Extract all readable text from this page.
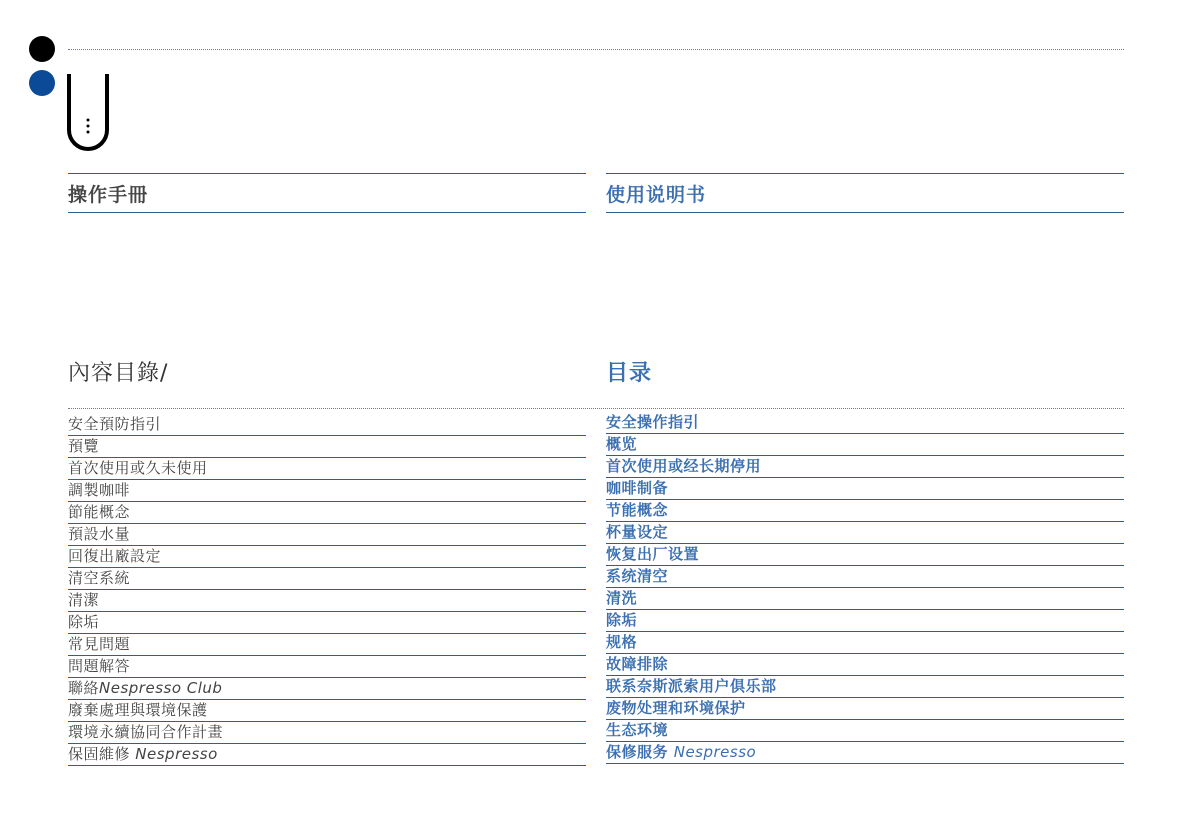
操作手冊
內容目錄/
安全預防指引
預覽
首次使用或久未使用
調製咖啡
節能概念
預設水量
回復出廠設定
清空系統
清潔
除垢
常見問題
問題解答
聯絡Nespresso Club
廢棄處理與環境保護
環境永續協同合作計畫
保固維修 Nespresso
使用说明书
目录
安全操作指引
概览
首次使用或经长期停用
咖啡制备
节能概念
杯量设定
恢复出厂设置
系统清空
清洗
除垢
规格
故障排除
联系奈斯派索用户俱乐部
废物处理和环境保护
生态环境
保修服务 Nespresso
